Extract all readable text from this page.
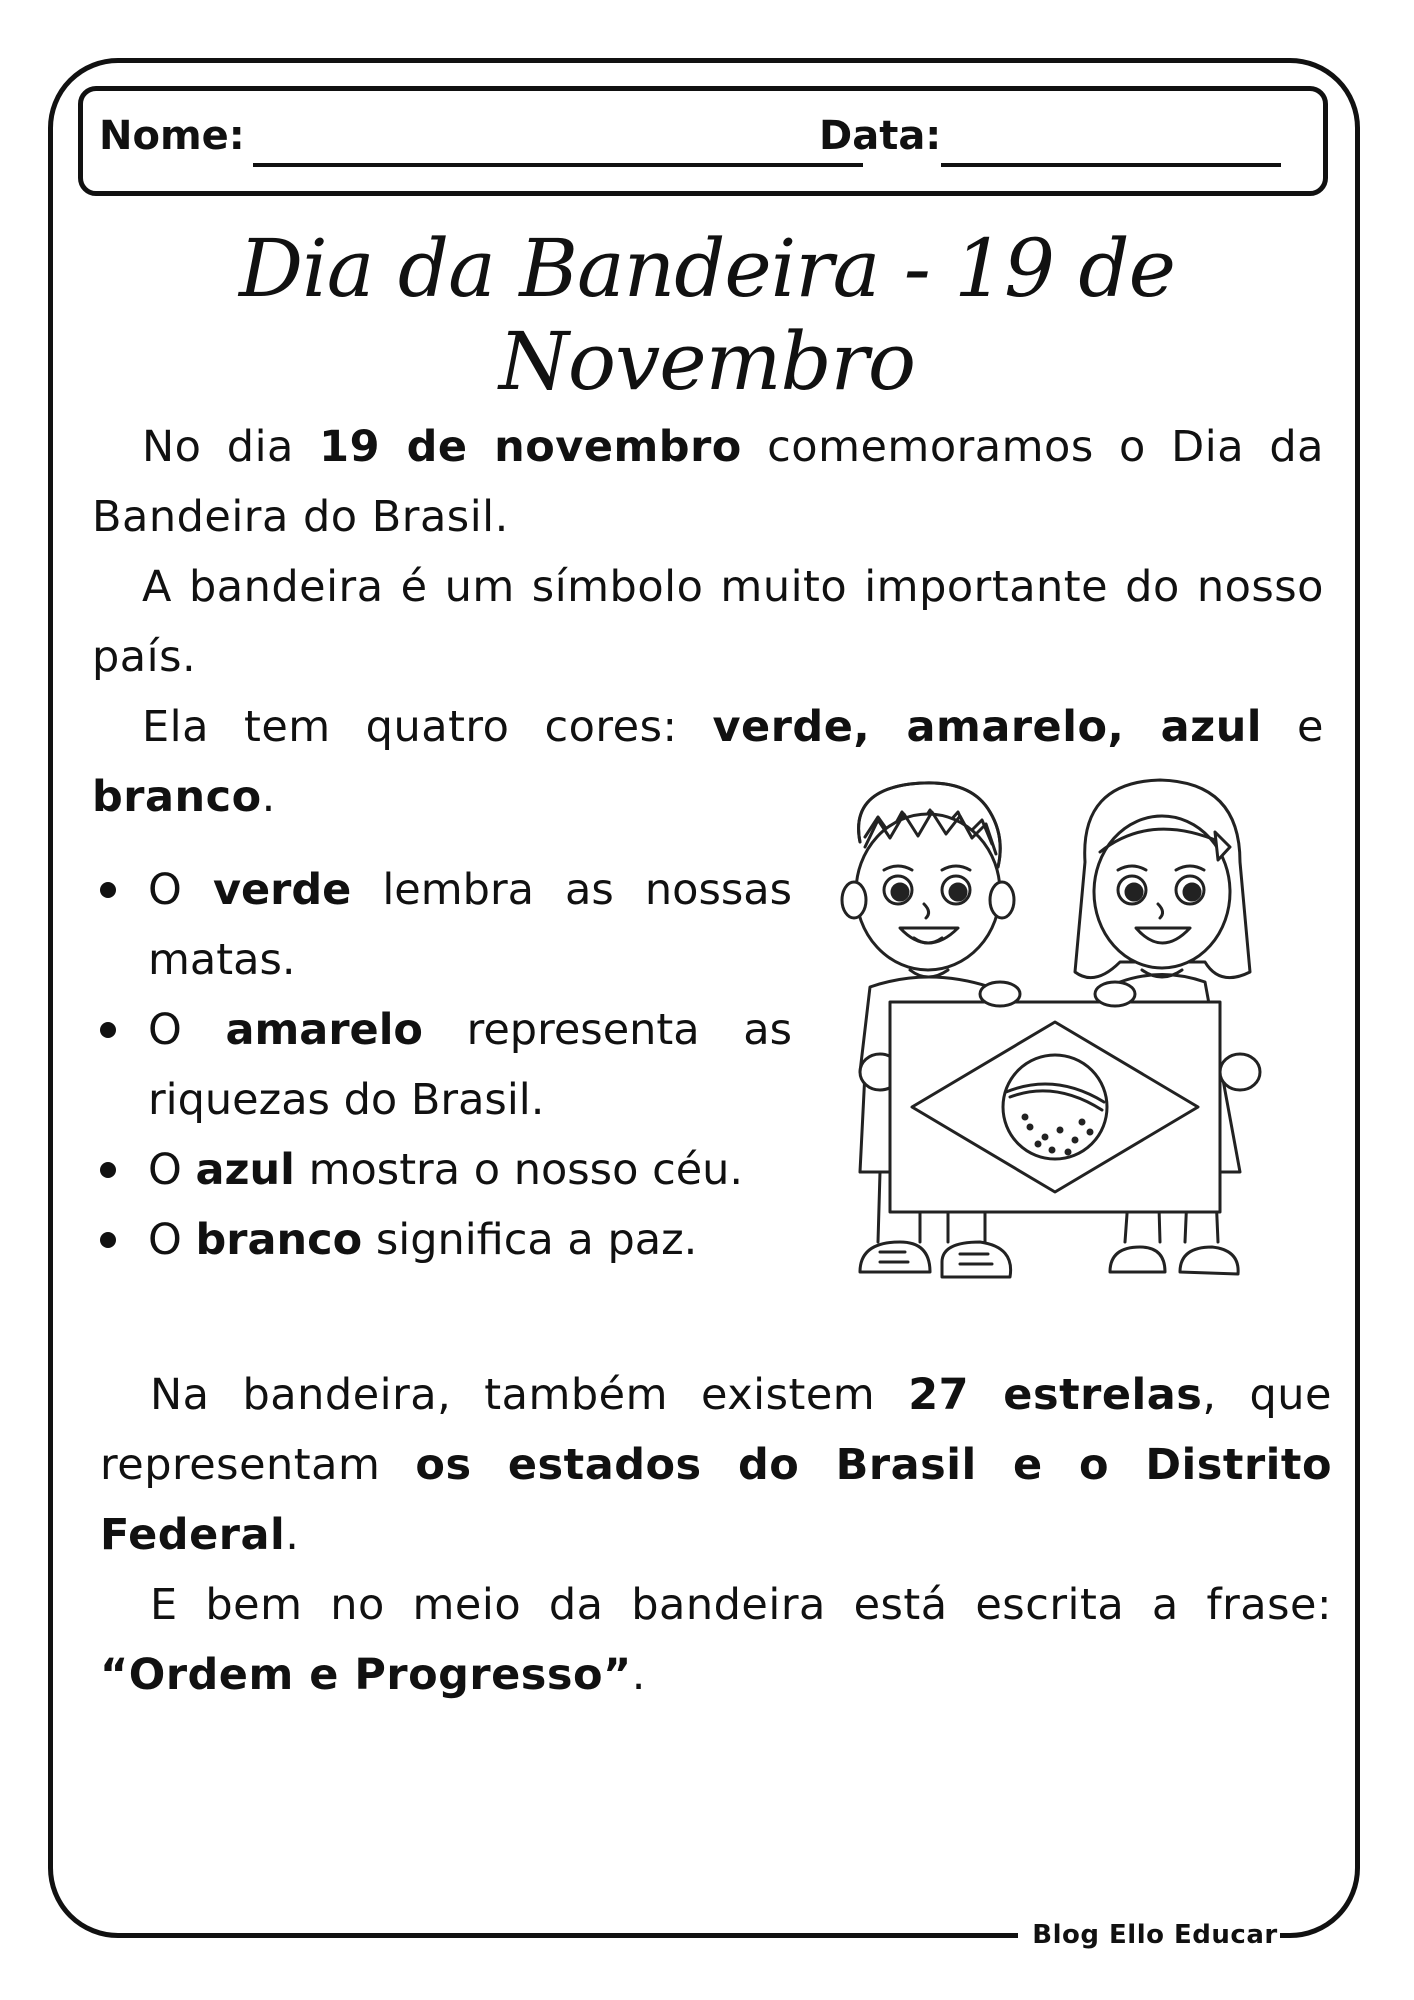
Blog Ello Educar
Nome:	Data:
Dia da Bandeira - 19 de Novembro

No dia 19 de novembro comemoramos o Dia da Bandeira do Brasil.

A bandeira é um símbolo muito importante do nosso país.

Ela tem quatro cores: verde, amarelo, azul e branco.

O verde lembra as nossas matas.
O amarelo representa as riquezas do Brasil.
O azul mostra o nosso céu.
O branco significa a paz.

Na bandeira, também existem 27 estrelas, que representam os estados do Brasil e o Distrito Federal.

E bem no meio da bandeira está escrita a frase: “Ordem e Progresso”.
